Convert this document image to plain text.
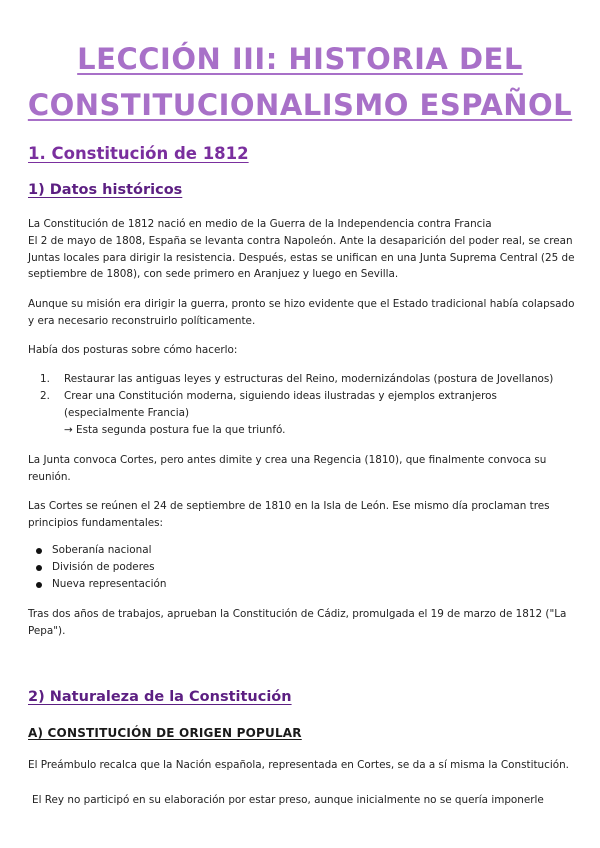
LECCIÓN III: HISTORIA DEL
CONSTITUCIONALISMO ESPAÑOL
1. Constitución de 1812
1) Datos históricos

La Constitución de 1812 nació en medio de la Guerra de la Independencia contra Francia

El 2 de mayo de 1808, España se levanta contra Napoleón. Ante la desaparición del poder real, se crean Juntas locales para dirigir la resistencia. Después, estas se unifican en una Junta Suprema Central (25 de septiembre de 1808), con sede primero en Aranjuez y luego en Sevilla.

Aunque su misión era dirigir la guerra, pronto se hizo evidente que el Estado tradicional había colapsado y era necesario reconstruirlo políticamente.

Había dos posturas sobre cómo hacerlo:

1. Restaurar las antiguas leyes y estructuras del Reino, modernizándolas (postura de Jovellanos)
2. Crear una Constitución moderna, siguiendo ideas ilustradas y ejemplos extranjeros (especialmente Francia)
→ Esta segunda postura fue la que triunfó.

La Junta convoca Cortes, pero antes dimite y crea una Regencia (1810), que finalmente convoca su reunión.

Las Cortes se reúnen el 24 de septiembre de 1810 en la Isla de León. Ese mismo día proclaman tres principios fundamentales:

Soberanía nacional
División de poderes
Nueva representación

Tras dos años de trabajos, aprueban la Constitución de Cádiz, promulgada el 19 de marzo de 1812 ("La Pepa").

2) Naturaleza de la Constitución
A) CONSTITUCIÓN DE ORIGEN POPULAR

El Preámbulo recalca que la Nación española, representada en Cortes, se da a sí misma la Constitución.

El Rey no participó en su elaboración por estar preso, aunque inicialmente no se quería imponerle
